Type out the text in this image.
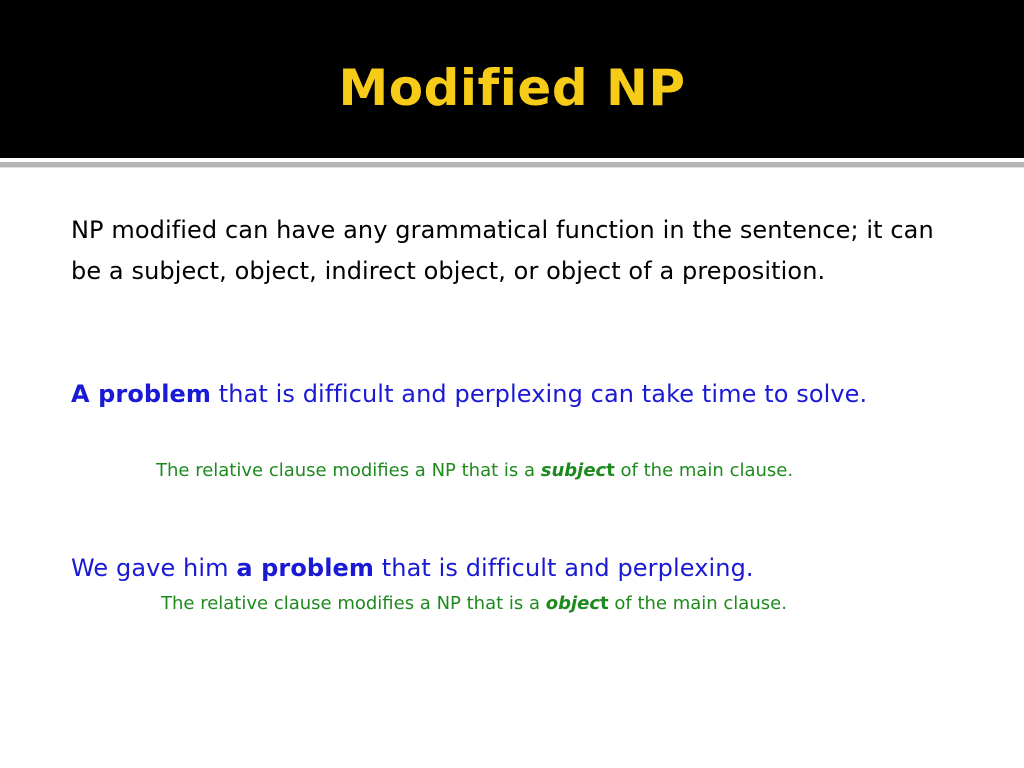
Modified NP
NP modified can have any grammatical function in the sentence; it can be a subject, object, indirect object, or object of a preposition.
A problem that is difficult and perplexing can take time to solve.
The relative clause modifies a NP that is a subject of the main clause.
We gave him a problem that is difficult and perplexing.
The relative clause modifies a NP that is a object of the main clause.
